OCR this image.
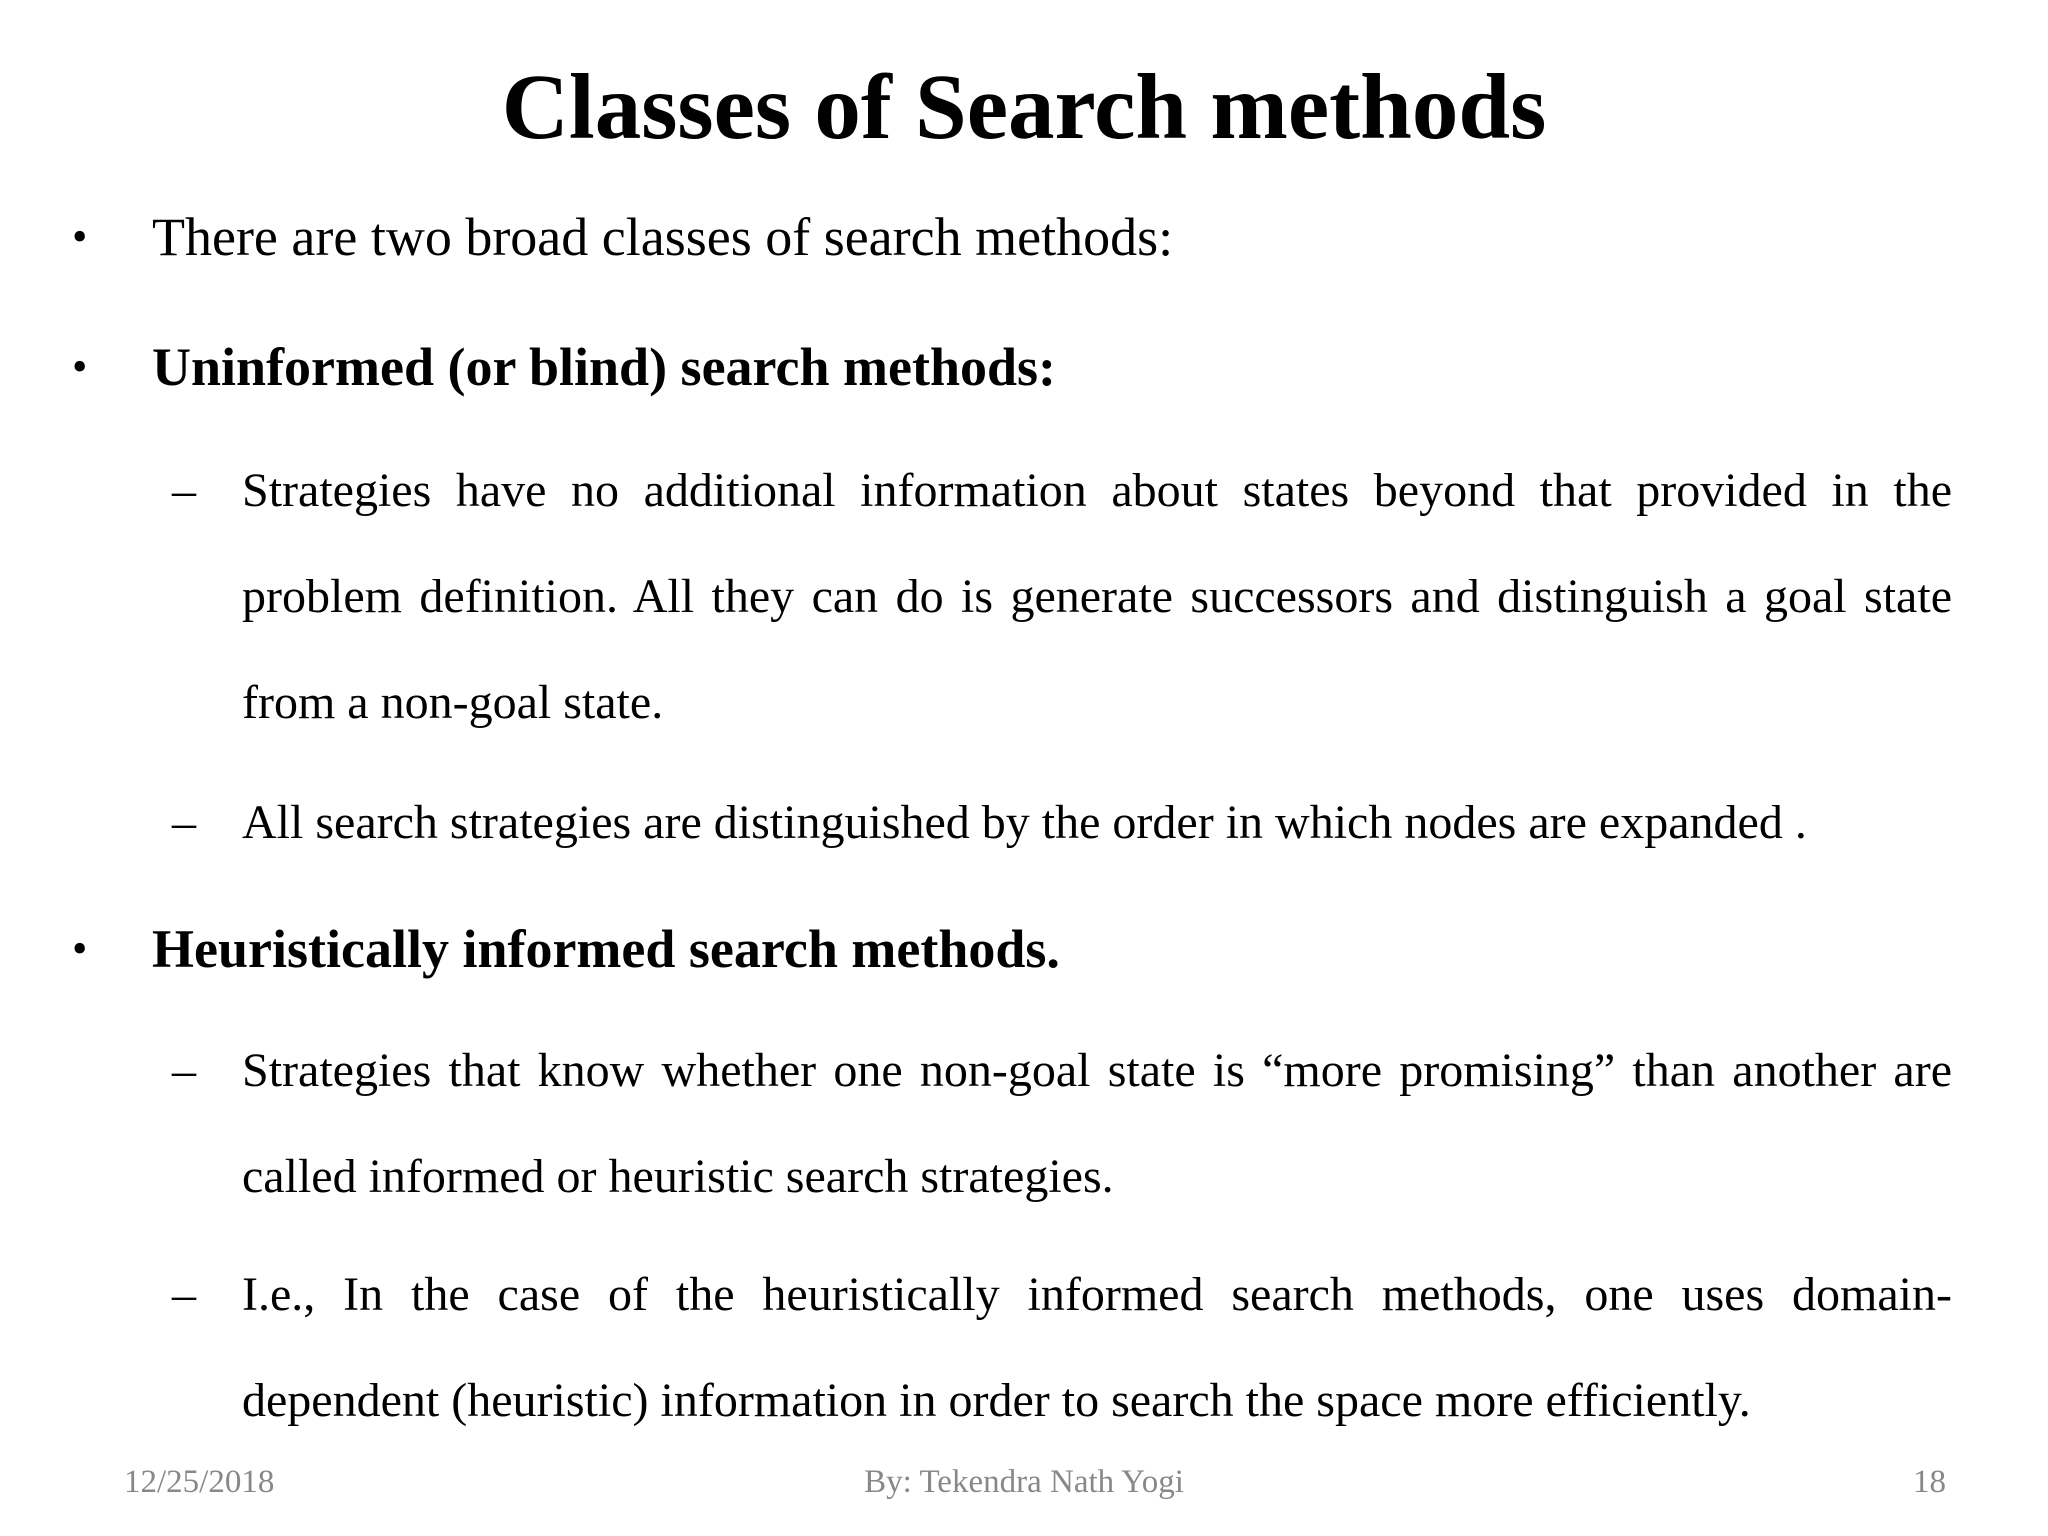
Classes of Search methods
• There are two broad classes of search methods:
• Uninformed (or blind) search methods:
– Strategies have no additional information about states beyond that provided in the problem definition. All they can do is generate successors and distinguish a goal state from a non-goal state.
– All search strategies are distinguished by the order in which nodes are expanded .
• Heuristically informed search methods.
– Strategies that know whether one non-goal state is “more promising” than another are called informed or heuristic search strategies.
– I.e., In the case of the heuristically informed search methods, one uses domain-dependent (heuristic) information in order to search the space more efficiently.
12/25/2018	By: Tekendra Nath Yogi	18
